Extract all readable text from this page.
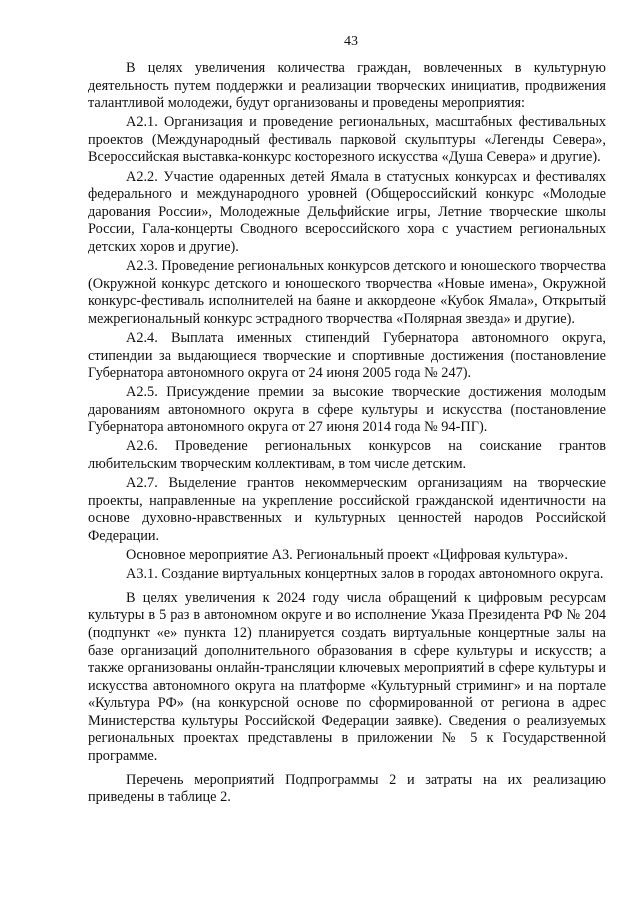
43

В целях увеличения количества граждан, вовлеченных в культурную деятельность путем поддержки и реализации творческих инициатив, продвижения талантливой молодежи, будут организованы и проведены мероприятия:

А2.1. Организация и проведение региональных, масштабных фестивальных проектов (Международный фестиваль парковой скульптуры «Легенды Севера», Всероссийская выставка-конкурс косторезного искусства «Душа Севера» и другие).

А2.2. Участие одаренных детей Ямала в статусных конкурсах и фестивалях федерального и международного уровней (Общероссийский конкурс «Молодые дарования России», Молодежные Дельфийские игры, Летние творческие школы России, Гала-концерты Сводного всероссийского хора с участием региональных детских хоров и другие).

А2.3. Проведение региональных конкурсов детского и юношеского творчества (Окружной конкурс детского и юношеского творчества «Новые имена», Окружной конкурс-фестиваль исполнителей на баяне и аккордеоне «Кубок Ямала», Открытый межрегиональный конкурс эстрадного творчества «Полярная звезда» и другие).

А2.4. Выплата именных стипендий Губернатора автономного округа, стипендии за выдающиеся творческие и спортивные достижения (постановление Губернатора автономного округа от 24 июня 2005 года № 247).

А2.5. Присуждение премии за высокие творческие достижения молодым дарованиям автономного округа в сфере культуры и искусства (постановление Губернатора автономного округа от 27 июня 2014 года № 94-ПГ).

А2.6. Проведение региональных конкурсов на соискание грантов любительским творческим коллективам, в том числе детским.

А2.7. Выделение грантов некоммерческим организациям на творческие проекты, направленные на укрепление российской гражданской идентичности на основе духовно-нравственных и культурных ценностей народов Российской Федерации.

Основное мероприятие А3. Региональный проект «Цифровая культура».

А3.1. Создание виртуальных концертных залов в городах автономного округа.

В целях увеличения к 2024 году числа обращений к цифровым ресурсам культуры в 5 раз в автономном округе и во исполнение Указа Президента РФ № 204 (подпункт «е» пункта 12) планируется создать виртуальные концертные залы на базе организаций дополнительного образования в сфере культуры и искусств; а также организованы онлайн-трансляции ключевых мероприятий в сфере культуры и искусства автономного округа на платформе «Культурный стриминг» и на портале «Культура РФ» (на конкурсной основе по сформированной от региона в адрес Министерства культуры Российской Федерации заявке). Сведения о реализуемых региональных проектах представлены в приложении № 5 к Государственной программе.

Перечень мероприятий Подпрограммы 2 и затраты на их реализацию приведены в таблице 2.
